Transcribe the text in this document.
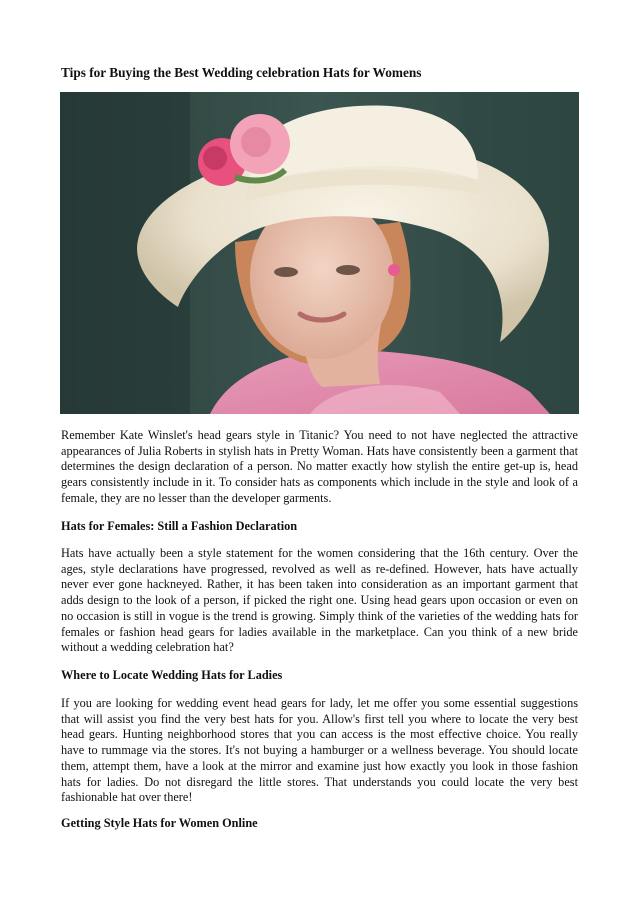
Tips for Buying the Best Wedding celebration Hats for Womens

Remember Kate Winslet's head gears style in Titanic? You need to not have neglected the attractive appearances of Julia Roberts in stylish hats in Pretty Woman. Hats have consistently been a garment that determines the design declaration of a person. No matter exactly how stylish the entire get-up is, head gears consistently include in it. To consider hats as components which include in the style and look of a female, they are no lesser than the developer garments.

Hats for Females: Still a Fashion Declaration

Hats have actually been a style statement for the women considering that the 16th century. Over the ages, style declarations have progressed, revolved as well as re-defined. However, hats have actually never ever gone hackneyed. Rather, it has been taken into consideration as an important garment that adds design to the look of a person, if picked the right one. Using head gears upon occasion or even on no occasion is still in vogue is the trend is growing. Simply think of the varieties of the wedding hats for females or fashion head gears for ladies available in the marketplace. Can you think of a new bride without a wedding celebration hat?

Where to Locate Wedding Hats for Ladies

If you are looking for wedding event head gears for lady, let me offer you some essential suggestions that will assist you find the very best hats for you. Allow's first tell you where to locate the very best head gears. Hunting neighborhood stores that you can access is the most effective choice. You really have to rummage via the stores. It's not buying a hamburger or a wellness beverage. You should locate them, attempt them, have a look at the mirror and examine just how exactly you look in those fashion hats for ladies. Do not disregard the little stores. That understands you could locate the very best fashionable hat over there!

Getting Style Hats for Women Online
